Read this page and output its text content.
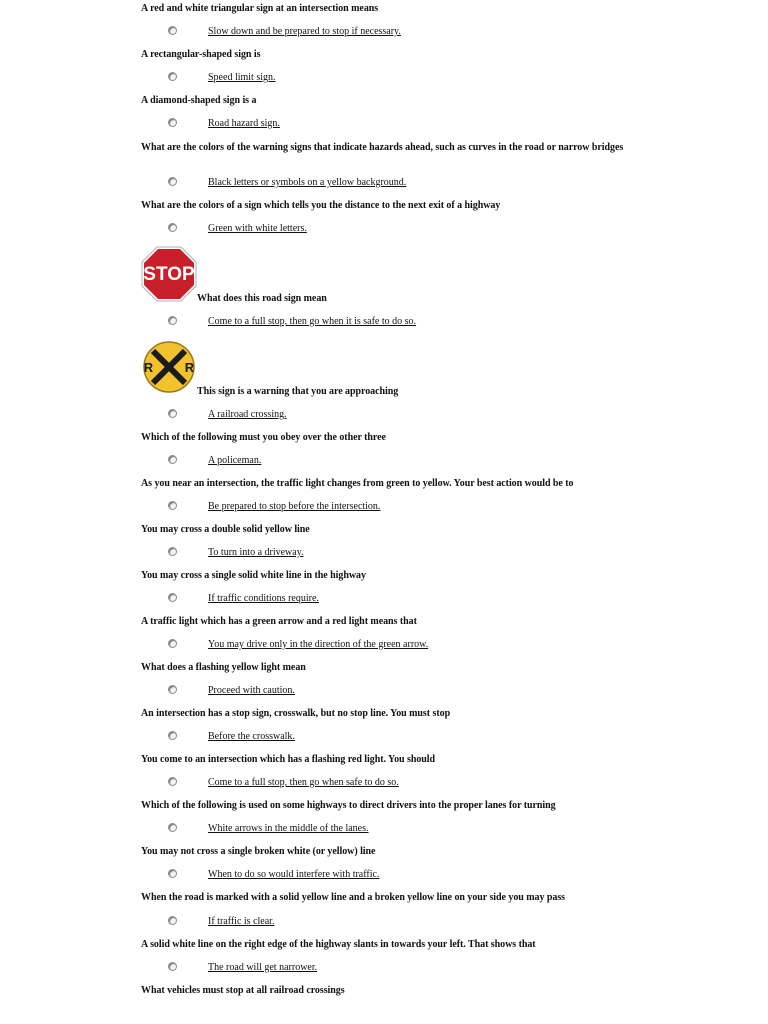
A red and white triangular sign at an intersection means
Slow down and be prepared to stop if necessary.
A rectangular-shaped sign is
Speed limit sign.
A diamond-shaped sign is a
Road hazard sign.
What are the colors of the warning signs that indicate hazards ahead, such as curves in the road or narrow bridges
Black letters or symbols on a yellow background.
What are the colors of a sign which tells you the distance to the next exit of a highway
Green with white letters.
STOP
What does this road sign mean
Come to a full stop, then go when it is safe to do so.
R R
This sign is a warning that you are approaching
A railroad crossing.
Which of the following must you obey over the other three
A policeman.
As you near an intersection, the traffic light changes from green to yellow. Your best action would be to
Be prepared to stop before the intersection.
You may cross a double solid yellow line
To turn into a driveway.
You may cross a single solid white line in the highway
If traffic conditions require.
A traffic light which has a green arrow and a red light means that
You may drive only in the direction of the green arrow.
What does a flashing yellow light mean
Proceed with caution.
An intersection has a stop sign, crosswalk, but no stop line. You must stop
Before the crosswalk.
You come to an intersection which has a flashing red light. You should
Come to a full stop, then go when safe to do so.
Which of the following is used on some highways to direct drivers into the proper lanes for turning
White arrows in the middle of the lanes.
You may not cross a single broken white (or yellow) line
When to do so would interfere with traffic.
When the road is marked with a solid yellow line and a broken yellow line on your side you may pass
If traffic is clear.
A solid white line on the right edge of the highway slants in towards your left. That shows that
The road will get narrower.
What vehicles must stop at all railroad crossings
